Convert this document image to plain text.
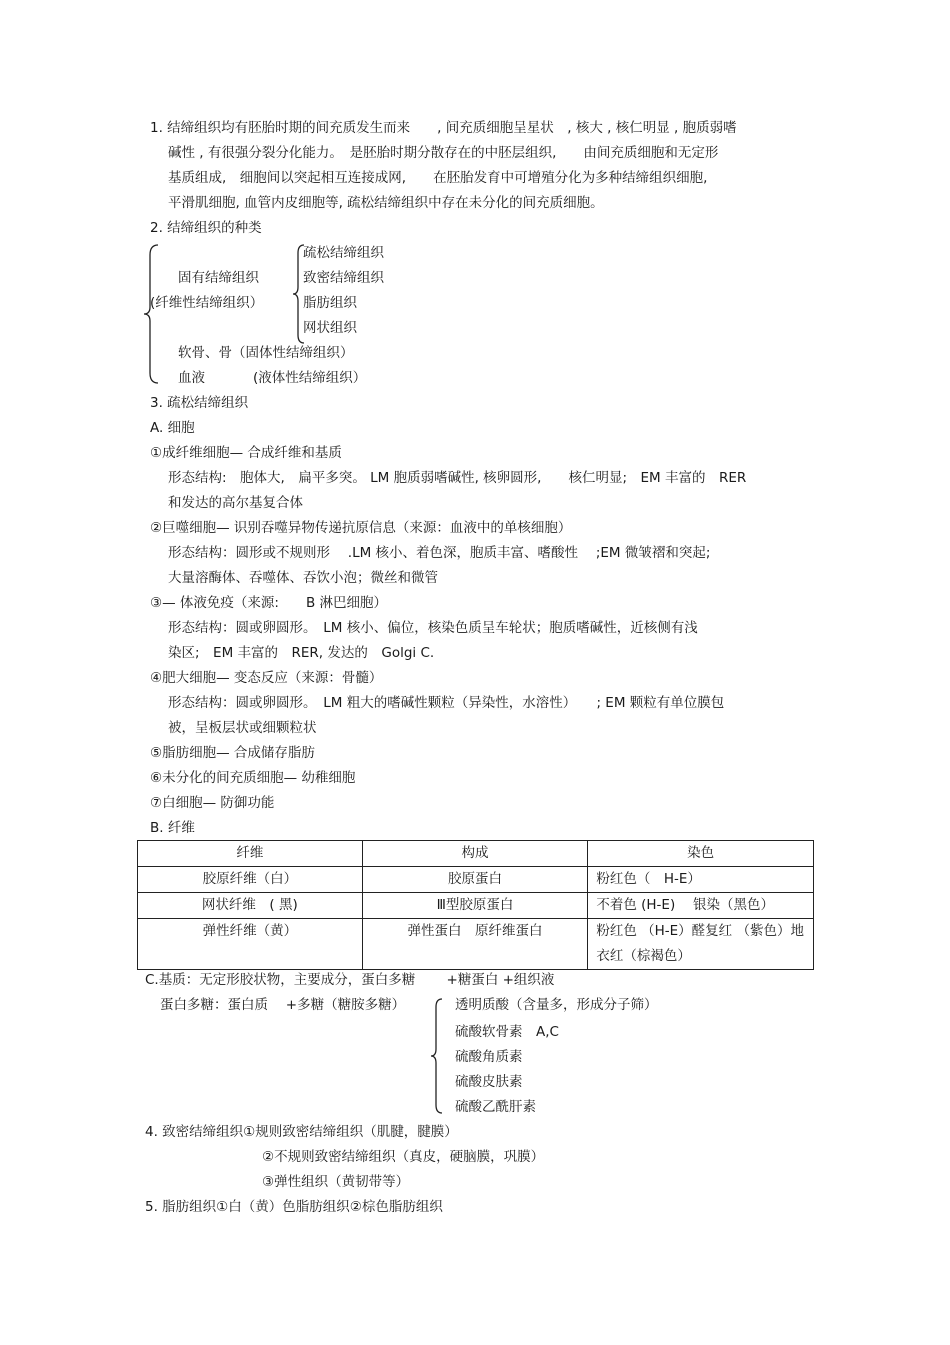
1. 结缔组织均有胚胎时期的间充质发生而来　　, 间充质细胞呈星状　, 核大 , 核仁明显 , 胞质弱嗜
碱性 , 有很强分裂分化能力。　是胚胎时期分散存在的中胚层组织,　　由间充质细胞和无定形
基质组成,　细胞间以突起相互连接成网,　　在胚胎发育中可增殖分化为多种结缔组织细胞,
平滑肌细胞, 血管内皮细胞等, 疏松结缔组织中存在未分化的间充质细胞。
2. 结缔组织的种类
固有结缔组织
(纤维性结缔组织）
疏松结缔组织
致密结缔组织
脂肪组织
网状组织
软骨、骨（固体性结缔组织）
血液	(液体性结缔组织）
3. 疏松结缔组织
A. 细胞
①成纤维细胞— 合成纤维和基质
形态结构:　胞体大,　扁平多突。 LM 胞质弱嗜碱性, 核卵圆形,　　核仁明显;　EM 丰富的　RER
和发达的高尔基复合体
②巨噬细胞— 识别吞噬异物传递抗原信息（来源：血液中的单核细胞）
形态结构：圆形或不规则形　 .LM 核小、着色深，胞质丰富、嗜酸性　 ;EM 微皱褶和突起;
大量溶酶体、吞噬体、吞饮小泡；微丝和微管
③— 体液免疫（来源:　　B 淋巴细胞）
形态结构：圆或卵圆形。　LM 核小、偏位，核染色质呈车轮状；胞质嗜碱性，近核侧有浅
染区;　EM 丰富的　RER, 发达的　Golgi C.
④肥大细胞— 变态反应（来源：骨髓）
形态结构：圆或卵圆形。　LM 粗大的嗜碱性颗粒（异染性，水溶性）　　; EM 颗粒有单位膜包
被，呈板层状或细颗粒状
⑤脂肪细胞— 合成储存脂肪
⑥未分化的间充质细胞— 幼稚细胞
⑦白细胞— 防御功能
B. 纤维
纤维	构成	染色
胶原纤维（白）	胶原蛋白	粉红色（　H-E）
网状纤维　( 黑)	Ⅲ型胶原蛋白	不着色 (H-E)　 银染（黑色）
弹性纤维（黄）	弹性蛋白　原纤维蛋白	粉红色 （H-E）醛复红 （紫色）地衣红（棕褐色）
C.基质：无定形胶状物，主要成分，蛋白多糖　　 +糖蛋白 +组织液
蛋白多糖：蛋白质　 +多糖（糖胺多糖）	透明质酸（含量多，形成分子筛）
硫酸软骨素　A,C
硫酸角质素
硫酸皮肤素
硫酸乙酰肝素
4. 致密结缔组织①规则致密结缔组织（肌腱，腱膜）
②不规则致密结缔组织（真皮，硬脑膜，巩膜）
③弹性组织（黄韧带等）
5. 脂肪组织①白（黄）色脂肪组织②棕色脂肪组织
